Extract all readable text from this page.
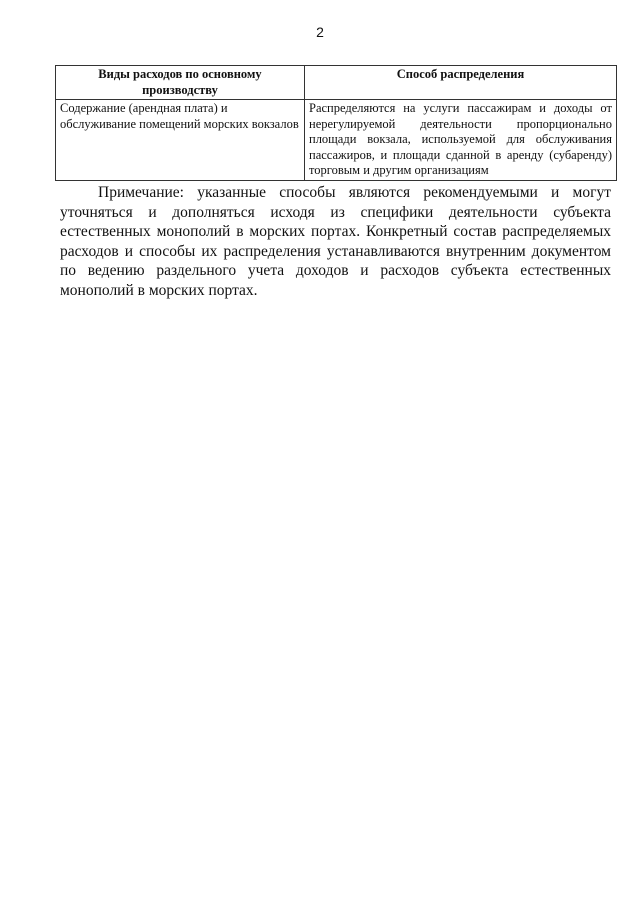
2
Виды расходов по основному производству	Способ распределения
Содержание (арендная плата) и обслуживание помещений морских вокзалов	Распределяются на услуги пассажирам и доходы от нерегулируемой деятельности пропорционально площади вокзала, используемой для обслуживания пассажиров, и площади сданной в аренду (субаренду) торговым и другим организациям

Примечание: указанные способы являются рекомендуемыми и могут уточняться и дополняться исходя из специфики деятельности субъекта естественных монополий в морских портах. Конкретный состав распределяемых расходов и способы их распределения устанавливаются внутренним документом по ведению раздельного учета доходов и расходов субъекта естественных монополий в морских портах.
